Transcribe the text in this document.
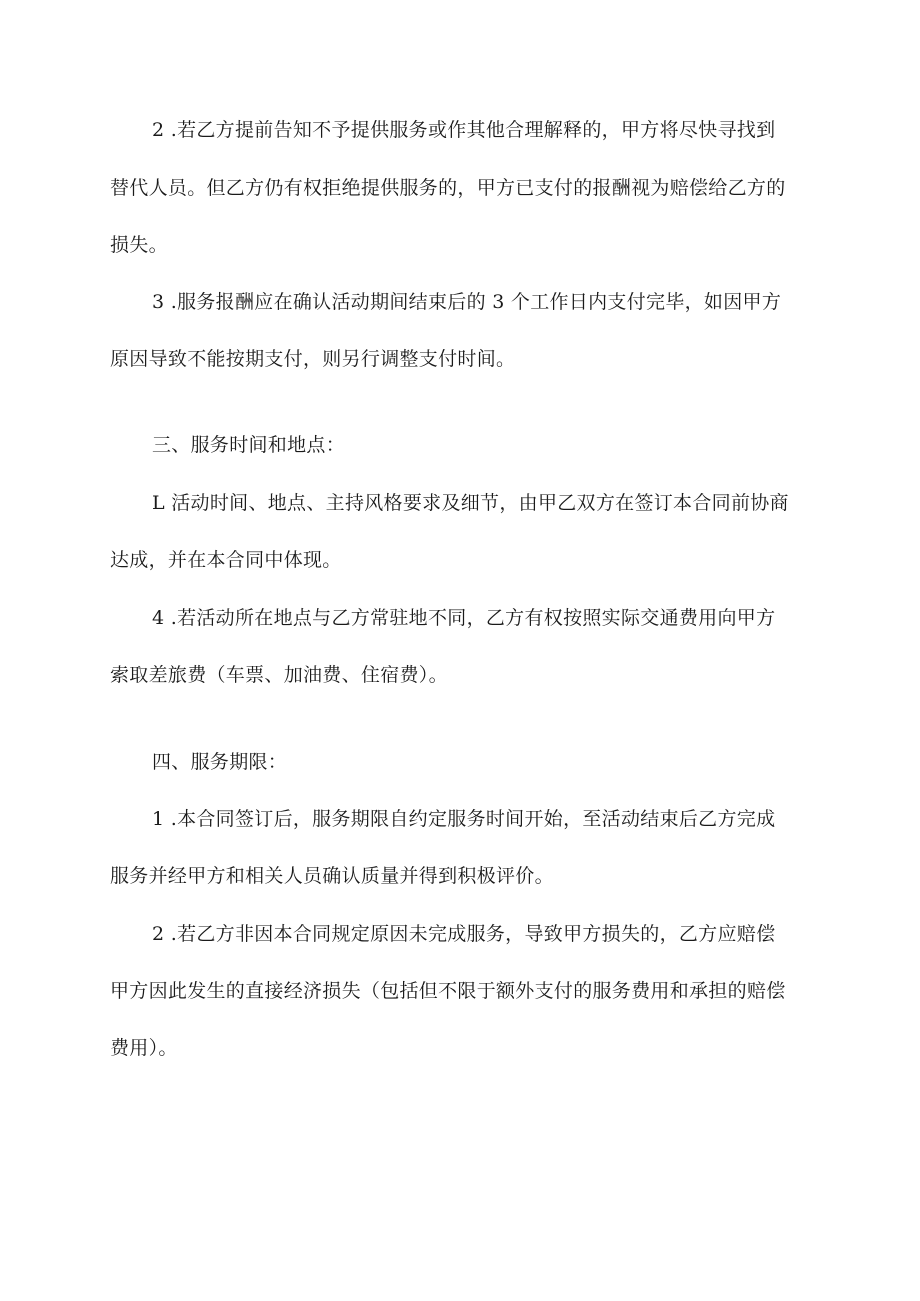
2 .若乙方提前告知不予提供服务或作其他合理解释的，甲方将尽快寻找到
替代人员。但乙方仍有权拒绝提供服务的，甲方已支付的报酬视为赔偿给乙方的
损失。
3 .服务报酬应在确认活动期间结束后的 3 个工作日内支付完毕，如因甲方
原因导致不能按期支付，则另行调整支付时间。
三、服务时间和地点：
L 活动时间、地点、主持风格要求及细节，由甲乙双方在签订本合同前协商
达成，并在本合同中体现。
4 .若活动所在地点与乙方常驻地不同，乙方有权按照实际交通费用向甲方
索取差旅费（车票、加油费、住宿费）。
四、服务期限：
1 .本合同签订后，服务期限自约定服务时间开始，至活动结束后乙方完成
服务并经甲方和相关人员确认质量并得到积极评价。
2 .若乙方非因本合同规定原因未完成服务，导致甲方损失的，乙方应赔偿
甲方因此发生的直接经济损失（包括但不限于额外支付的服务费用和承担的赔偿
费用）。
